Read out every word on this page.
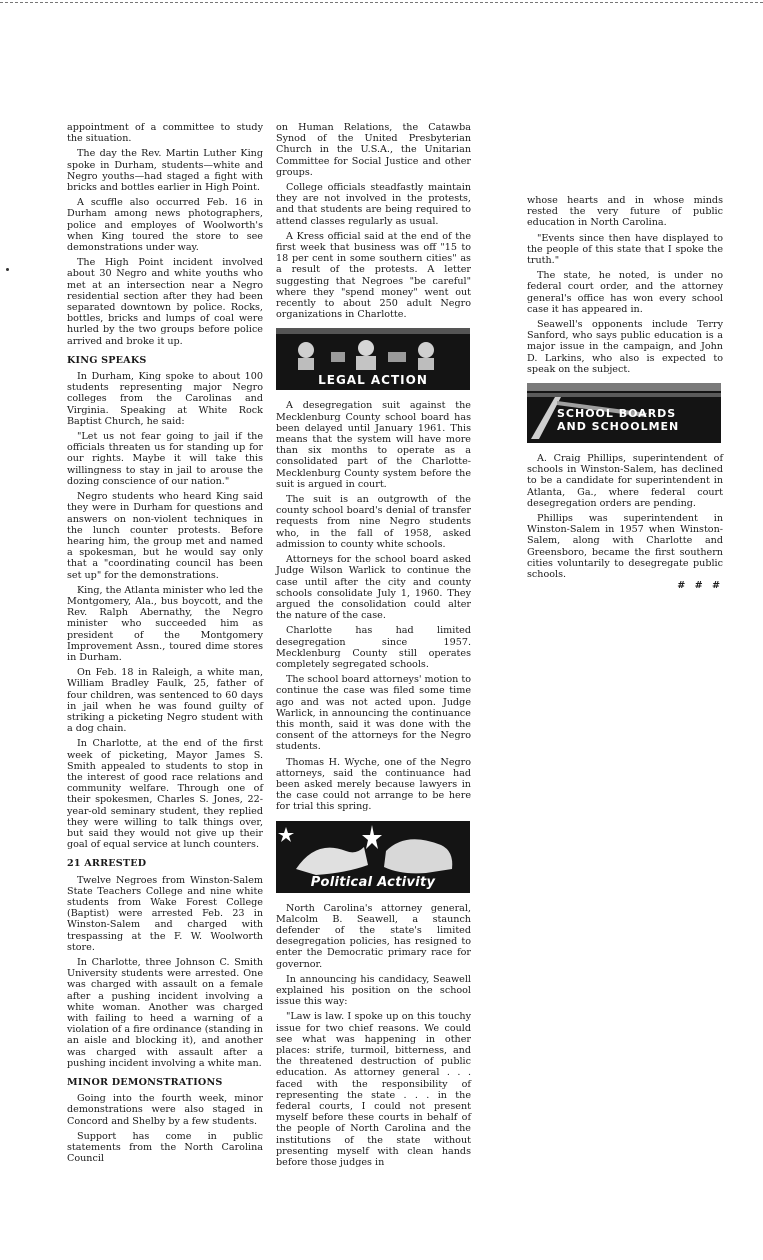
appointment of a committee to study the situation.

The day the Rev. Martin Luther King spoke in Durham, students—white and Negro youths—had staged a fight with bricks and bottles earlier in High Point.

A scuffle also occurred Feb. 16 in Durham among news photographers, police and employes of Woolworth's when King toured the store to see demonstrations under way.

The High Point incident involved about 30 Negro and white youths who met at an intersection near a Negro residential section after they had been separated downtown by police. Rocks, bottles, bricks and lumps of coal were hurled by the two groups before police arrived and broke it up.

KING SPEAKS

In Durham, King spoke to about 100 students representing major Negro colleges from the Carolinas and Virginia. Speaking at White Rock Baptist Church, he said:

"Let us not fear going to jail if the officials threaten us for standing up for our rights. Maybe it will take this willingness to stay in jail to arouse the dozing conscience of our nation."

Negro students who heard King said they were in Durham for questions and answers on non-violent techniques in the lunch counter protests. Before hearing him, the group met and named a spokesman, but he would say only that a "coordinating council has been set up" for the demonstrations.

King, the Atlanta minister who led the Montgomery, Ala., bus boycott, and the Rev. Ralph Abernathy, the Negro minister who succeeded him as president of the Montgomery Improvement Assn., toured dime stores in Durham.

On Feb. 18 in Raleigh, a white man, William Bradley Faulk, 25, father of four children, was sentenced to 60 days in jail when he was found guilty of striking a picketing Negro student with a dog chain.

In Charlotte, at the end of the first week of picketing, Mayor James S. Smith appealed to students to stop in the interest of good race relations and community welfare. Through one of their spokesmen, Charles S. Jones, 22-year-old seminary student, they replied they were willing to talk things over, but said they would not give up their goal of equal service at lunch counters.

21 ARRESTED

Twelve Negroes from Winston-Salem State Teachers College and nine white students from Wake Forest College (Baptist) were arrested Feb. 23 in Winston-Salem and charged with trespassing at the F. W. Woolworth store.

In Charlotte, three Johnson C. Smith University students were arrested. One was charged with assault on a female after a pushing incident involving a white woman. Another was charged with failing to heed a warning of a violation of a fire ordinance (standing in an aisle and blocking it), and another was charged with assault after a pushing incident involving a white man.

MINOR DEMONSTRATIONS

Going into the fourth week, minor demonstrations were also staged in Concord and Shelby by a few students.

Support has come in public statements from the North Carolina Council

on Human Relations, the Catawba Synod of the United Presbyterian Church in the U.S.A., the Unitarian Committee for Social Justice and other groups.

College officials steadfastly maintain they are not involved in the protests, and that students are being required to attend classes regularly as usual.

A Kress official said at the end of the first week that business was off "15 to 18 per cent in some southern cities" as a result of the protests. A letter suggesting that Negroes "be careful" where they "spend money" went out recently to about 250 adult Negro organizations in Charlotte.

LEGAL ACTION

A desegregation suit against the Mecklenburg County school board has been delayed until January 1961. This means that the system will have more than six months to operate as a consolidated part of the Charlotte-Mecklenburg County system before the suit is argued in court.

The suit is an outgrowth of the county school board's denial of transfer requests from nine Negro students who, in the fall of 1958, asked admission to county white schools.

Attorneys for the school board asked Judge Wilson Warlick to continue the case until after the city and county schools consolidate July 1, 1960. They argued the consolidation could alter the nature of the case.

Charlotte has had limited desegregation since 1957. Mecklenburg County still operates completely segregated schools.

The school board attorneys' motion to continue the case was filed some time ago and was not acted upon. Judge Warlick, in announcing the continuance this month, said it was done with the consent of the attorneys for the Negro students.

Thomas H. Wyche, one of the Negro attorneys, said the continuance had been asked merely because lawyers in the case could not arrange to be here for trial this spring.

Political Activity

North Carolina's attorney general, Malcolm B. Seawell, a staunch defender of the state's limited desegregation policies, has resigned to enter the Democratic primary race for governor.

In announcing his candidacy, Seawell explained his position on the school issue this way:

"Law is law. I spoke up on this touchy issue for two chief reasons. We could see what was happening in other places: strife, turmoil, bitterness, and the threatened destruction of public education. As attorney general . . . faced with the responsibility of representing the state . . . in the federal courts, I could not present myself before these courts in behalf of the people of North Carolina and the institutions of the state without presenting myself with clean hands before those judges in

whose hearts and in whose minds rested the very future of public education in North Carolina.

"Events since then have displayed to the people of this state that I spoke the truth."

The state, he noted, is under no federal court order, and the attorney general's office has won every school case it has appeared in.

Seawell's opponents include Terry Sanford, who says public education is a major issue in the campaign, and John D. Larkins, who also is expected to speak on the subject.

SCHOOL BOARDS
AND SCHOOLMEN

A. Craig Phillips, superintendent of schools in Winston-Salem, has declined to be a candidate for superintendent in Atlanta, Ga., where federal court desegregation orders are pending.

Phillips was superintendent in Winston-Salem in 1957 when Winston-Salem, along with Charlotte and Greensboro, became the first southern cities voluntarily to desegregate public schools.

# # #
